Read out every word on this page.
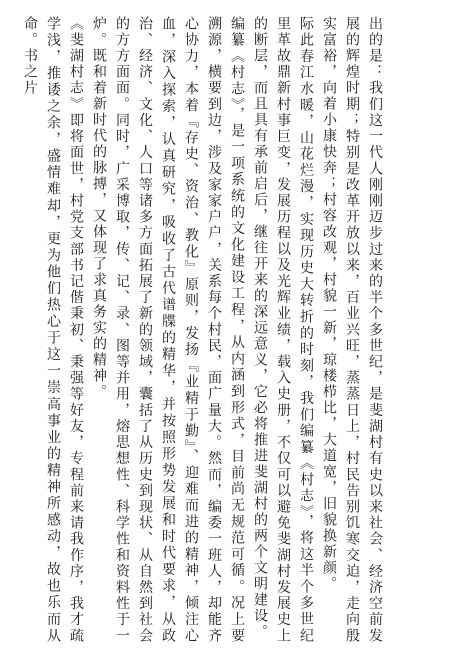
出的是：我们这一代人刚刚迈步过来的半个多世纪，是斐湖村有史以来社会、经济空前发展的辉煌时期；特别是改革开放以来，百业兴旺，蒸蒸日上，村民告别饥寒交迫，走向殷实富裕，向着小康快奔；村容改观，村貌一新，琼楼栉比，大道宽，旧貌换新颜。

际此春江水暖，山花烂漫，实现历史大转折的时刻，我们编纂《村志》，将这半个多世纪里革故鼎新村事巨变，发展历程以及光辉业绩，载入史册，不仅可以避免斐湖村发展史上的断层，而且具有承前启后，继往开来的深远意义，它必将推进斐湖村的两个文明建设。

编纂《村志》，是一项系统的文化建设工程，从内涵到形式，目前尚无规范可循。况上要溯源，横要到边，涉及家家户户，关系每个村民，面广量大。然而，编委一班人，却能齐心协力，本着『存史、资治、教化』原则，发扬『业精于勤』、迎难而进的精神，倾注心血，深入探索，认真研究，吸收了古代谱牒的精华，并按照形势发展和时代要求，从政治、经济、文化、人口等诸多方面拓展了新的领域，囊括了从历史到现状、从自然到社会的方方面面。同时，广采博取，传、记、录、图等并用，熔思想性、科学性和资料性于一炉。既和着新时代的脉搏，又体现了求真务实的精神。

《斐湖村志》即将面世，村党支部书记偕秉初、秉强等好友，专程前来请我作序，我才疏学浅，推诿之余，盛情难却，更为他们热心于这一崇高事业的精神所感动，故也乐而从命。书之片
